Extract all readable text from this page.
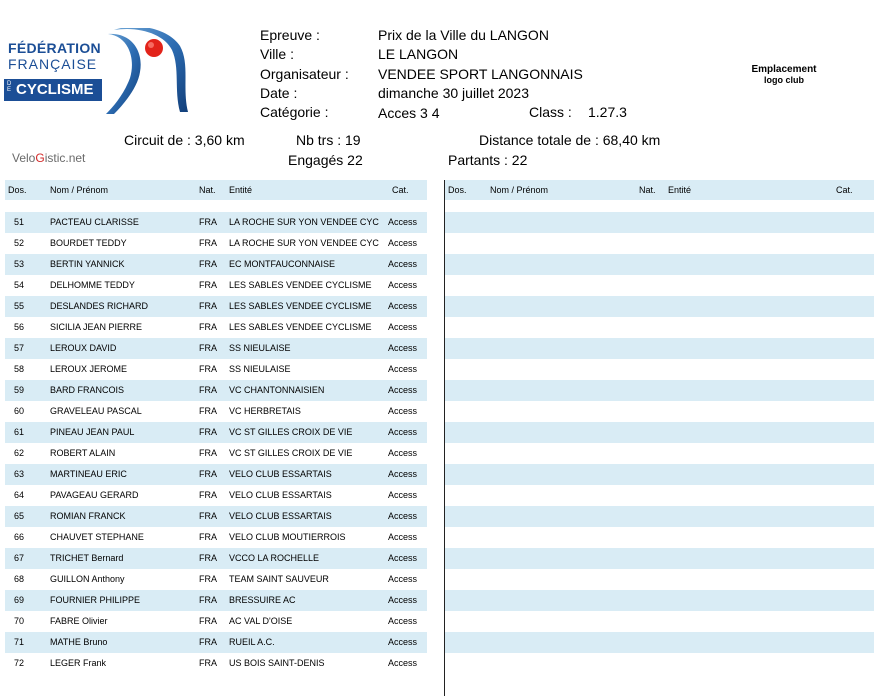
FÉDÉRATION
FRANÇAISE
DE CYCLISME
Epreuve :	Prix de la Ville du LANGON
Ville :	LE LANGON
Organisateur : VENDEE SPORT LANGONNAIS
Date :	dimanche 30 juillet 2023
Catégorie :	Acces 3 4	Class : 1.27.3
Emplacement
logo club
Circuit de : 3,60 km	Nb trs : 19	Distance totale de : 68,40 km
Engagés 22	Partants : 22
VeloGistic.net
Dos.	Nom / Prénom	Nat. Entité	Cat.
51	PACTEAU CLARISSE	FRA LA ROCHE SUR YON VENDEE CYC Access
52	BOURDET TEDDY	FRA LA ROCHE SUR YON VENDEE CYC Access
53	BERTIN YANNICK	FRA EC MONTFAUCONNAISE	Access
54	DELHOMME TEDDY	FRA LES SABLES VENDEE CYCLISME Access
55	DESLANDES RICHARD	FRA LES SABLES VENDEE CYCLISME Access
56	SICILIA JEAN PIERRE	FRA LES SABLES VENDEE CYCLISME Access
57	LEROUX DAVID	FRA SS NIEULAISE	Access
58	LEROUX JEROME	FRA SS NIEULAISE	Access
59	BARD FRANCOIS	FRA VC CHANTONNAISIEN	Access
60	GRAVELEAU PASCAL	FRA VC HERBRETAIS	Access
61	PINEAU JEAN PAUL	FRA VC ST GILLES CROIX DE VIE	Access
62	ROBERT ALAIN	FRA VC ST GILLES CROIX DE VIE	Access
63	MARTINEAU ERIC	FRA VELO CLUB ESSARTAIS	Access
64	PAVAGEAU GERARD	FRA VELO CLUB ESSARTAIS	Access
65	ROMIAN FRANCK	FRA VELO CLUB ESSARTAIS	Access
66	CHAUVET STEPHANE	FRA VELO CLUB MOUTIERROIS	Access
67	TRICHET Bernard	FRA VCCO LA ROCHELLE	Access
68	GUILLON Anthony	FRA TEAM SAINT SAUVEUR	Access
69	FOURNIER PHILIPPE	FRA BRESSUIRE AC	Access
70	FABRE Olivier	FRA AC VAL D'OISE	Access
71	MATHE Bruno	FRA RUEIL A.C.	Access
72	LEGER Frank	FRA US BOIS SAINT-DENIS	Access
Dos.	Nom / Prénom	Nat. Entité	Cat.
